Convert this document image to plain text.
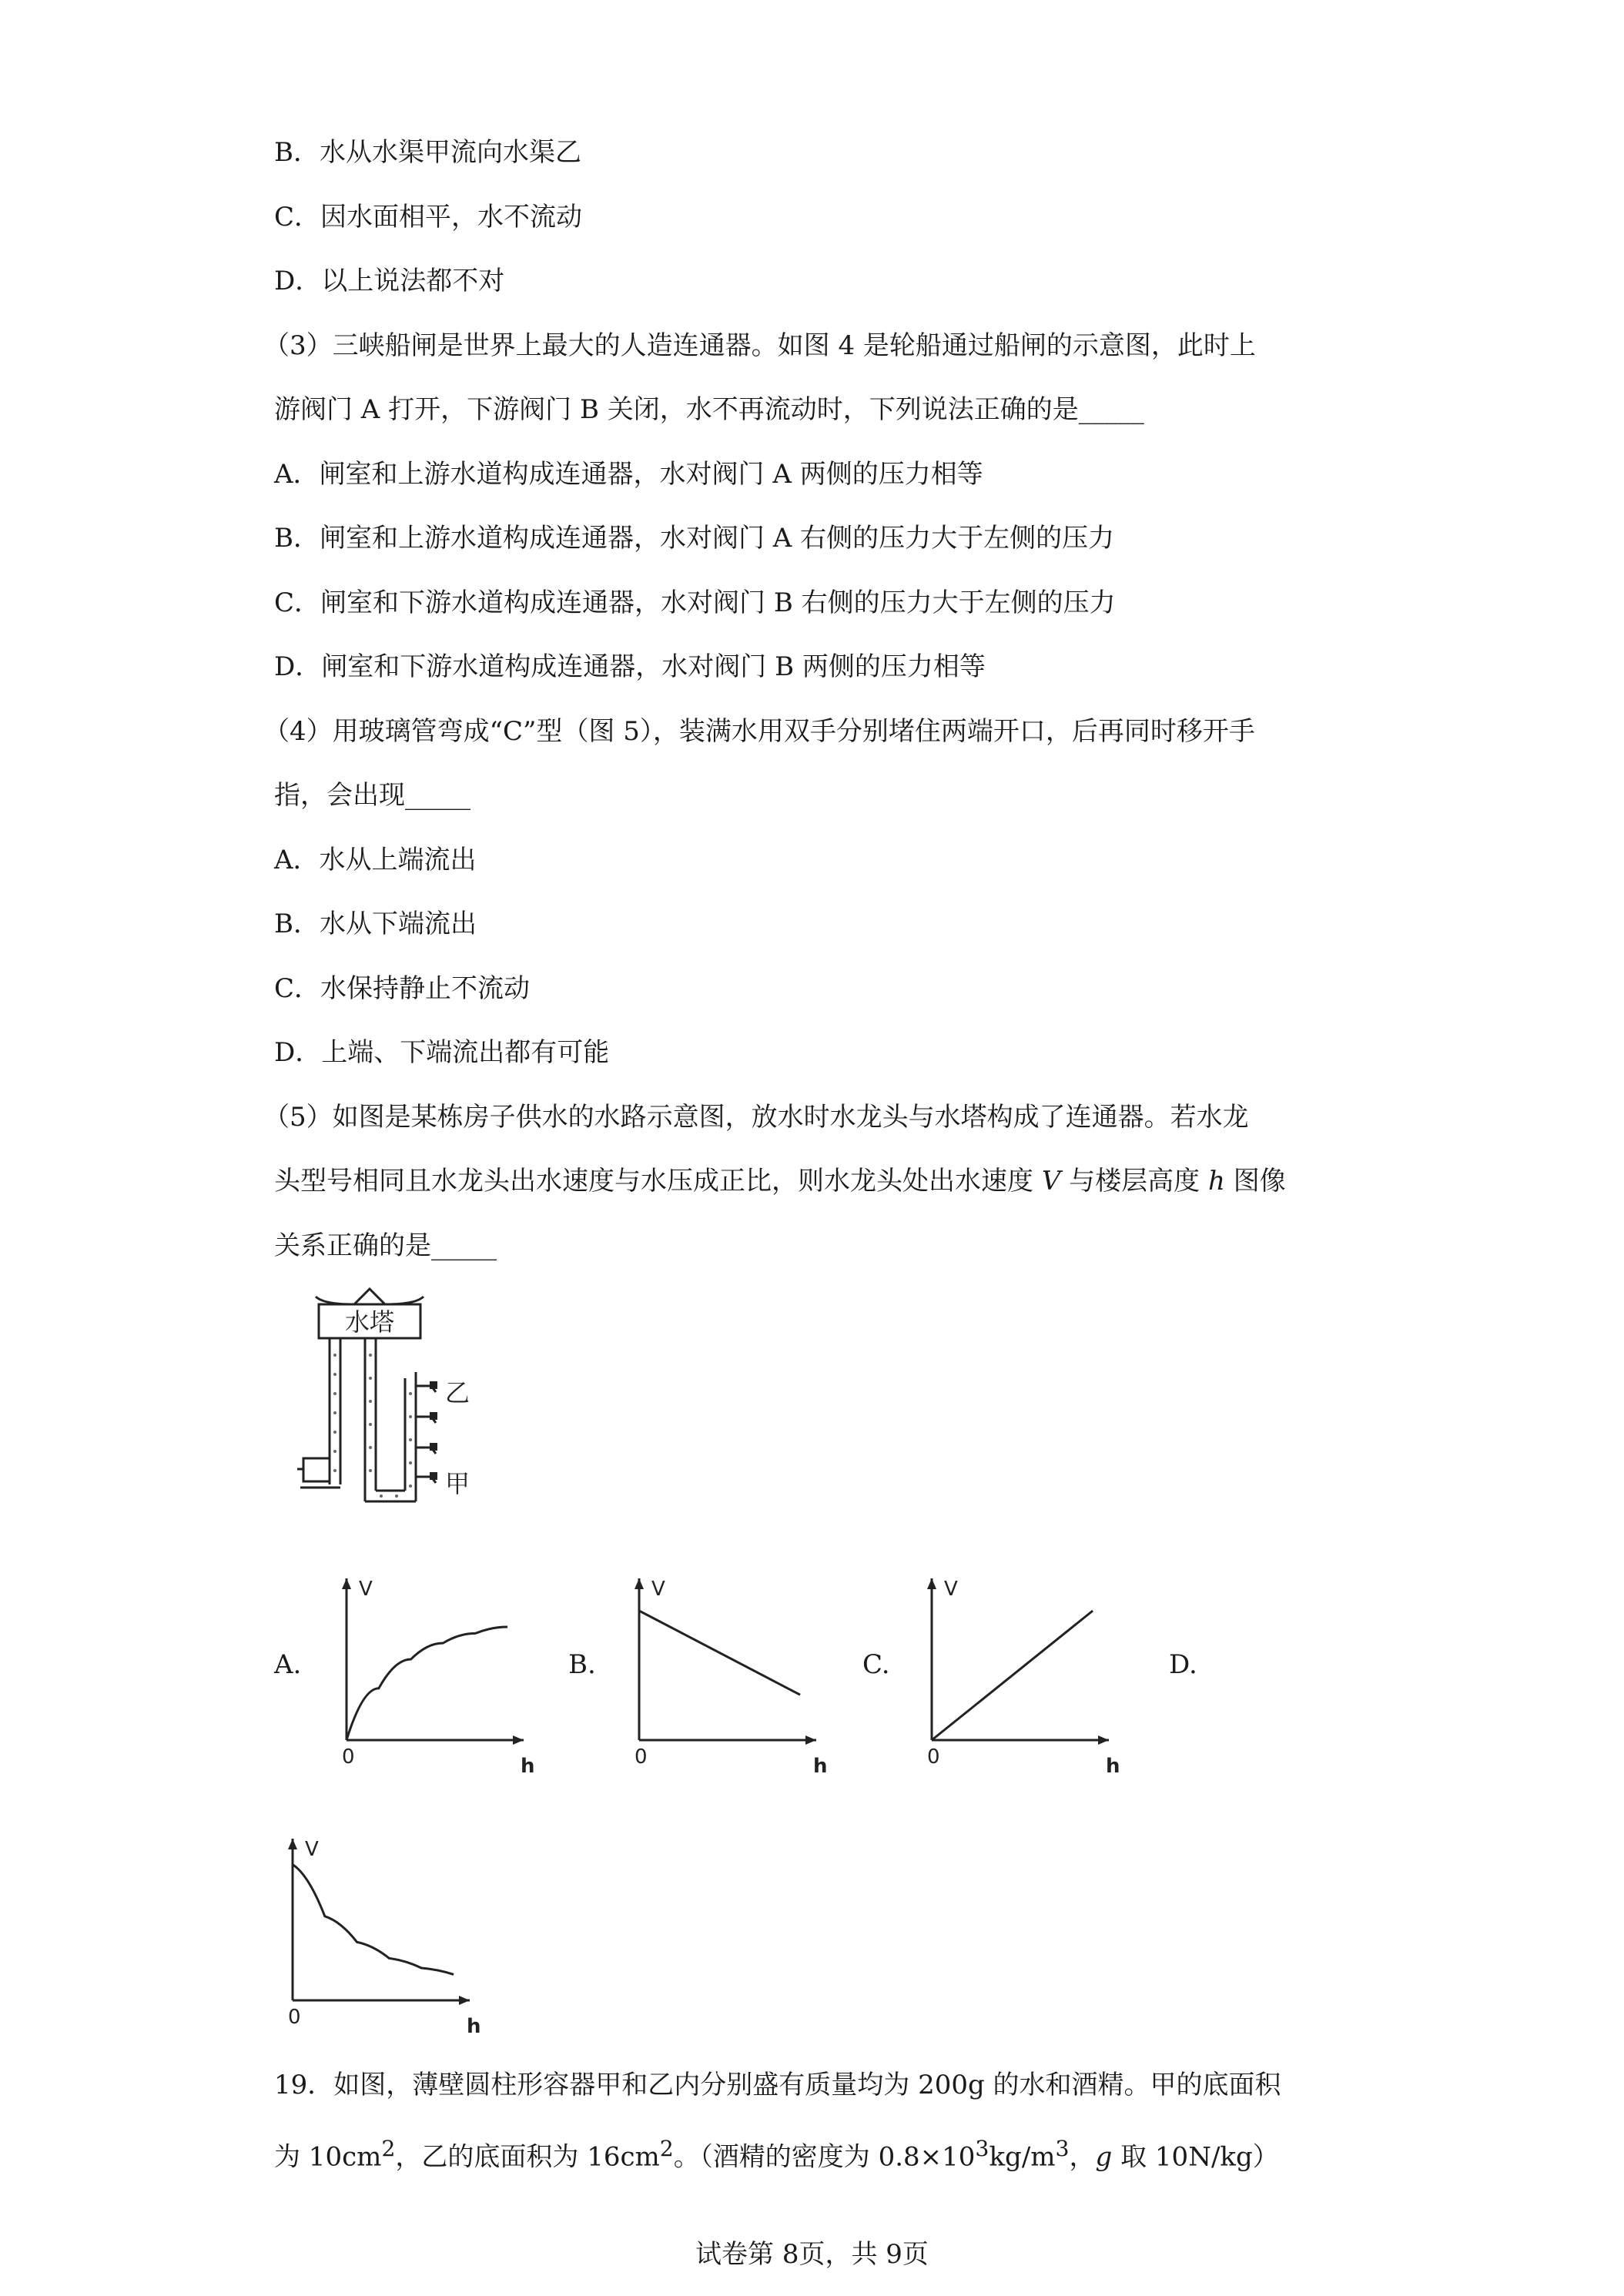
B．水从水渠甲流向水渠乙
C．因水面相平，水不流动
D．以上说法都不对
（3）三峡船闸是世界上最大的人造连通器。如图 4 是轮船通过船闸的示意图，此时上
游阀门 A 打开，下游阀门 B 关闭，水不再流动时，下列说法正确的是_____
A．闸室和上游水道构成连通器，水对阀门 A 两侧的压力相等
B．闸室和上游水道构成连通器，水对阀门 A 右侧的压力大于左侧的压力
C．闸室和下游水道构成连通器，水对阀门 B 右侧的压力大于左侧的压力
D．闸室和下游水道构成连通器，水对阀门 B 两侧的压力相等
（4）用玻璃管弯成“C”型（图 5），装满水用双手分别堵住两端开口，后再同时移开手
指，会出现_____
A．水从上端流出
B．水从下端流出
C．水保持静止不流动
D．上端、下端流出都有可能
（5）如图是某栋房子供水的水路示意图，放水时水龙头与水塔构成了连通器。若水龙
头型号相同且水龙头出水速度与水压成正比，则水龙头处出水速度 V 与楼层高度 h 图像
关系正确的是_____
水塔
乙
甲
A.	B.	C.	D.
V
h
0
V
h
0
V
h
0
V
h
0
19．如图，薄壁圆柱形容器甲和乙内分别盛有质量均为 200g 的水和酒精。甲的底面积
为 $10cm^2$，乙的底面积为 $16cm^2$。（酒精的密度为 $0.8\times 10^3kg/m^3$，g 取 10N/kg）
试卷第 8页，共 9页
